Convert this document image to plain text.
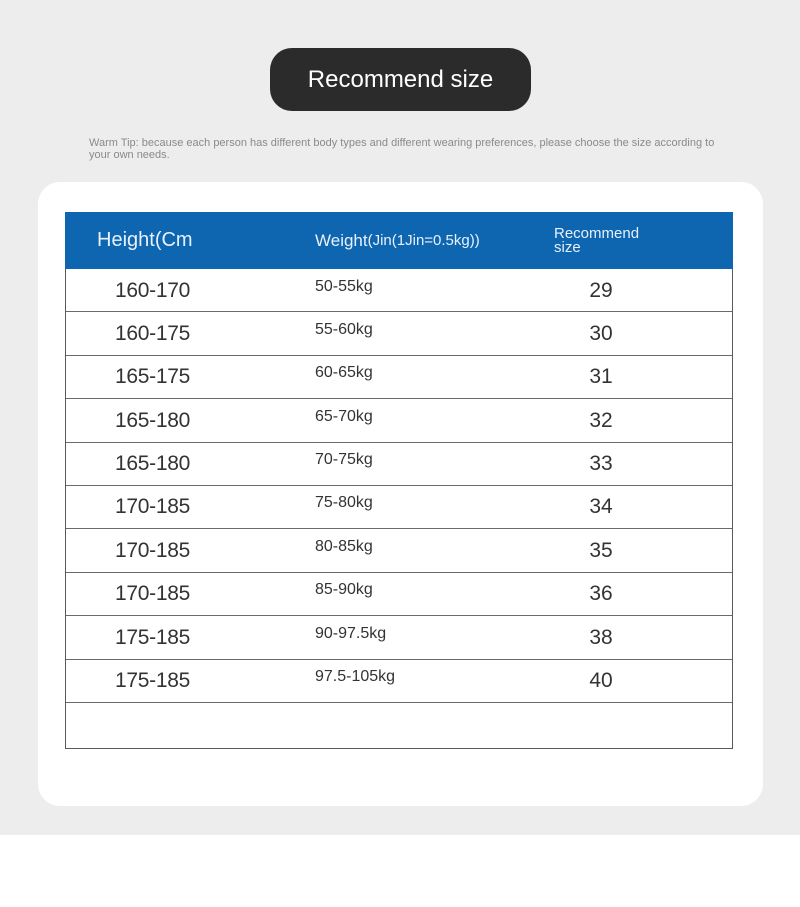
Recommend size
Warm Tip: because each person has different body types and different wearing preferences, please choose the size according to your own needs.
Height(Cm	Weight (Jin(1Jin=0.5kg))	Recommend
size
160-170	50-55kg	29
160-175	55-60kg	30
165-175	60-65kg	31
165-180	65-70kg	32
165-180	70-75kg	33
170-185	75-80kg	34
170-185	80-85kg	35
170-185	85-90kg	36
175-185	90-97.5kg	38
175-185	97.5-105kg	40
